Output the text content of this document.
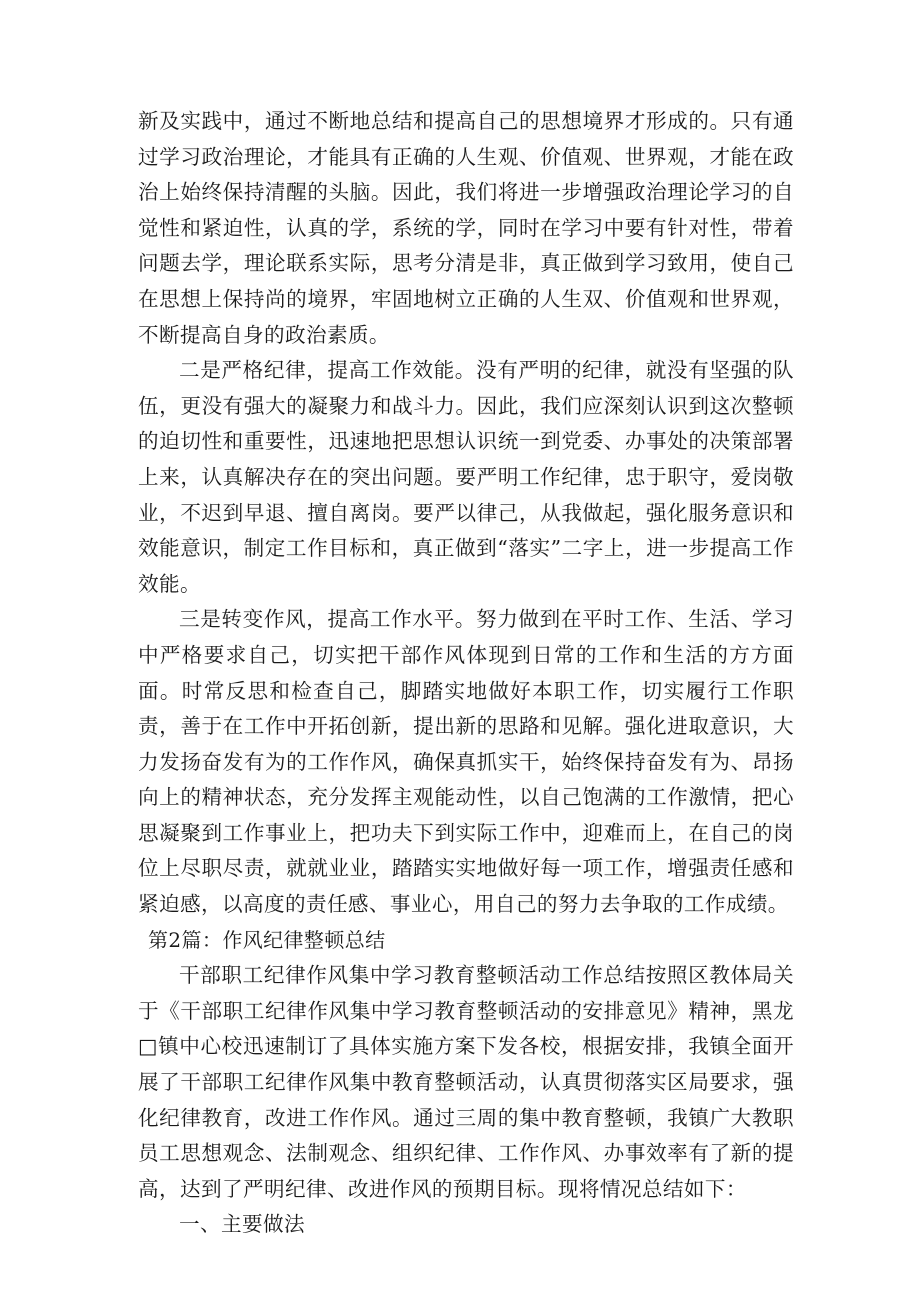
新及实践中，通过不断地总结和提高自己的思想境界才形成的。只有通过学习政治理论，才能具有正确的人生观、价值观、世界观，才能在政治上始终保持清醒的头脑。因此，我们将进一步增强政治理论学习的自觉性和紧迫性，认真的学，系统的学，同时在学习中要有针对性，带着问题去学，理论联系实际，思考分清是非，真正做到学习致用，使自己在思想上保持尚的境界，牢固地树立正确的人生双、价值观和世界观，不断提高自身的政治素质。

二是严格纪律，提高工作效能。没有严明的纪律，就没有坚强的队伍，更没有强大的凝聚力和战斗力。因此，我们应深刻认识到这次整顿的迫切性和重要性，迅速地把思想认识统一到党委、办事处的决策部署上来，认真解决存在的突出问题。要严明工作纪律，忠于职守，爱岗敬业，不迟到早退、擅自离岗。要严以律己，从我做起，强化服务意识和效能意识，制定工作目标和，真正做到“落实”二字上，进一步提高工作效能。

三是转变作风，提高工作水平。努力做到在平时工作、生活、学习中严格要求自己，切实把干部作风体现到日常的工作和生活的方方面面。时常反思和检查自己，脚踏实地做好本职工作，切实履行工作职责，善于在工作中开拓创新，提出新的思路和见解。强化进取意识，大力发扬奋发有为的工作作风，确保真抓实干，始终保持奋发有为、昂扬向上的精神状态，充分发挥主观能动性，以自己饱满的工作激情，把心思凝聚到工作事业上，把功夫下到实际工作中，迎难而上，在自己的岗位上尽职尽责，就就业业，踏踏实实地做好每一项工作，增强责任感和紧迫感，以高度的责任感、事业心，用自己的努力去争取的工作成绩。

第2篇：作风纪律整顿总结

干部职工纪律作风集中学习教育整顿活动工作总结按照区教体局关于《干部职工纪律作风集中学习教育整顿活动的安排意见》精神，黑龙□镇中心校迅速制订了具体实施方案下发各校，根据安排，我镇全面开展了干部职工纪律作风集中教育整顿活动，认真贯彻落实区局要求，强化纪律教育，改进工作作风。通过三周的集中教育整顿，我镇广大教职员工思想观念、法制观念、组织纪律、工作作风、办事效率有了新的提高，达到了严明纪律、改进作风的预期目标。现将情况总结如下：

一、主要做法
